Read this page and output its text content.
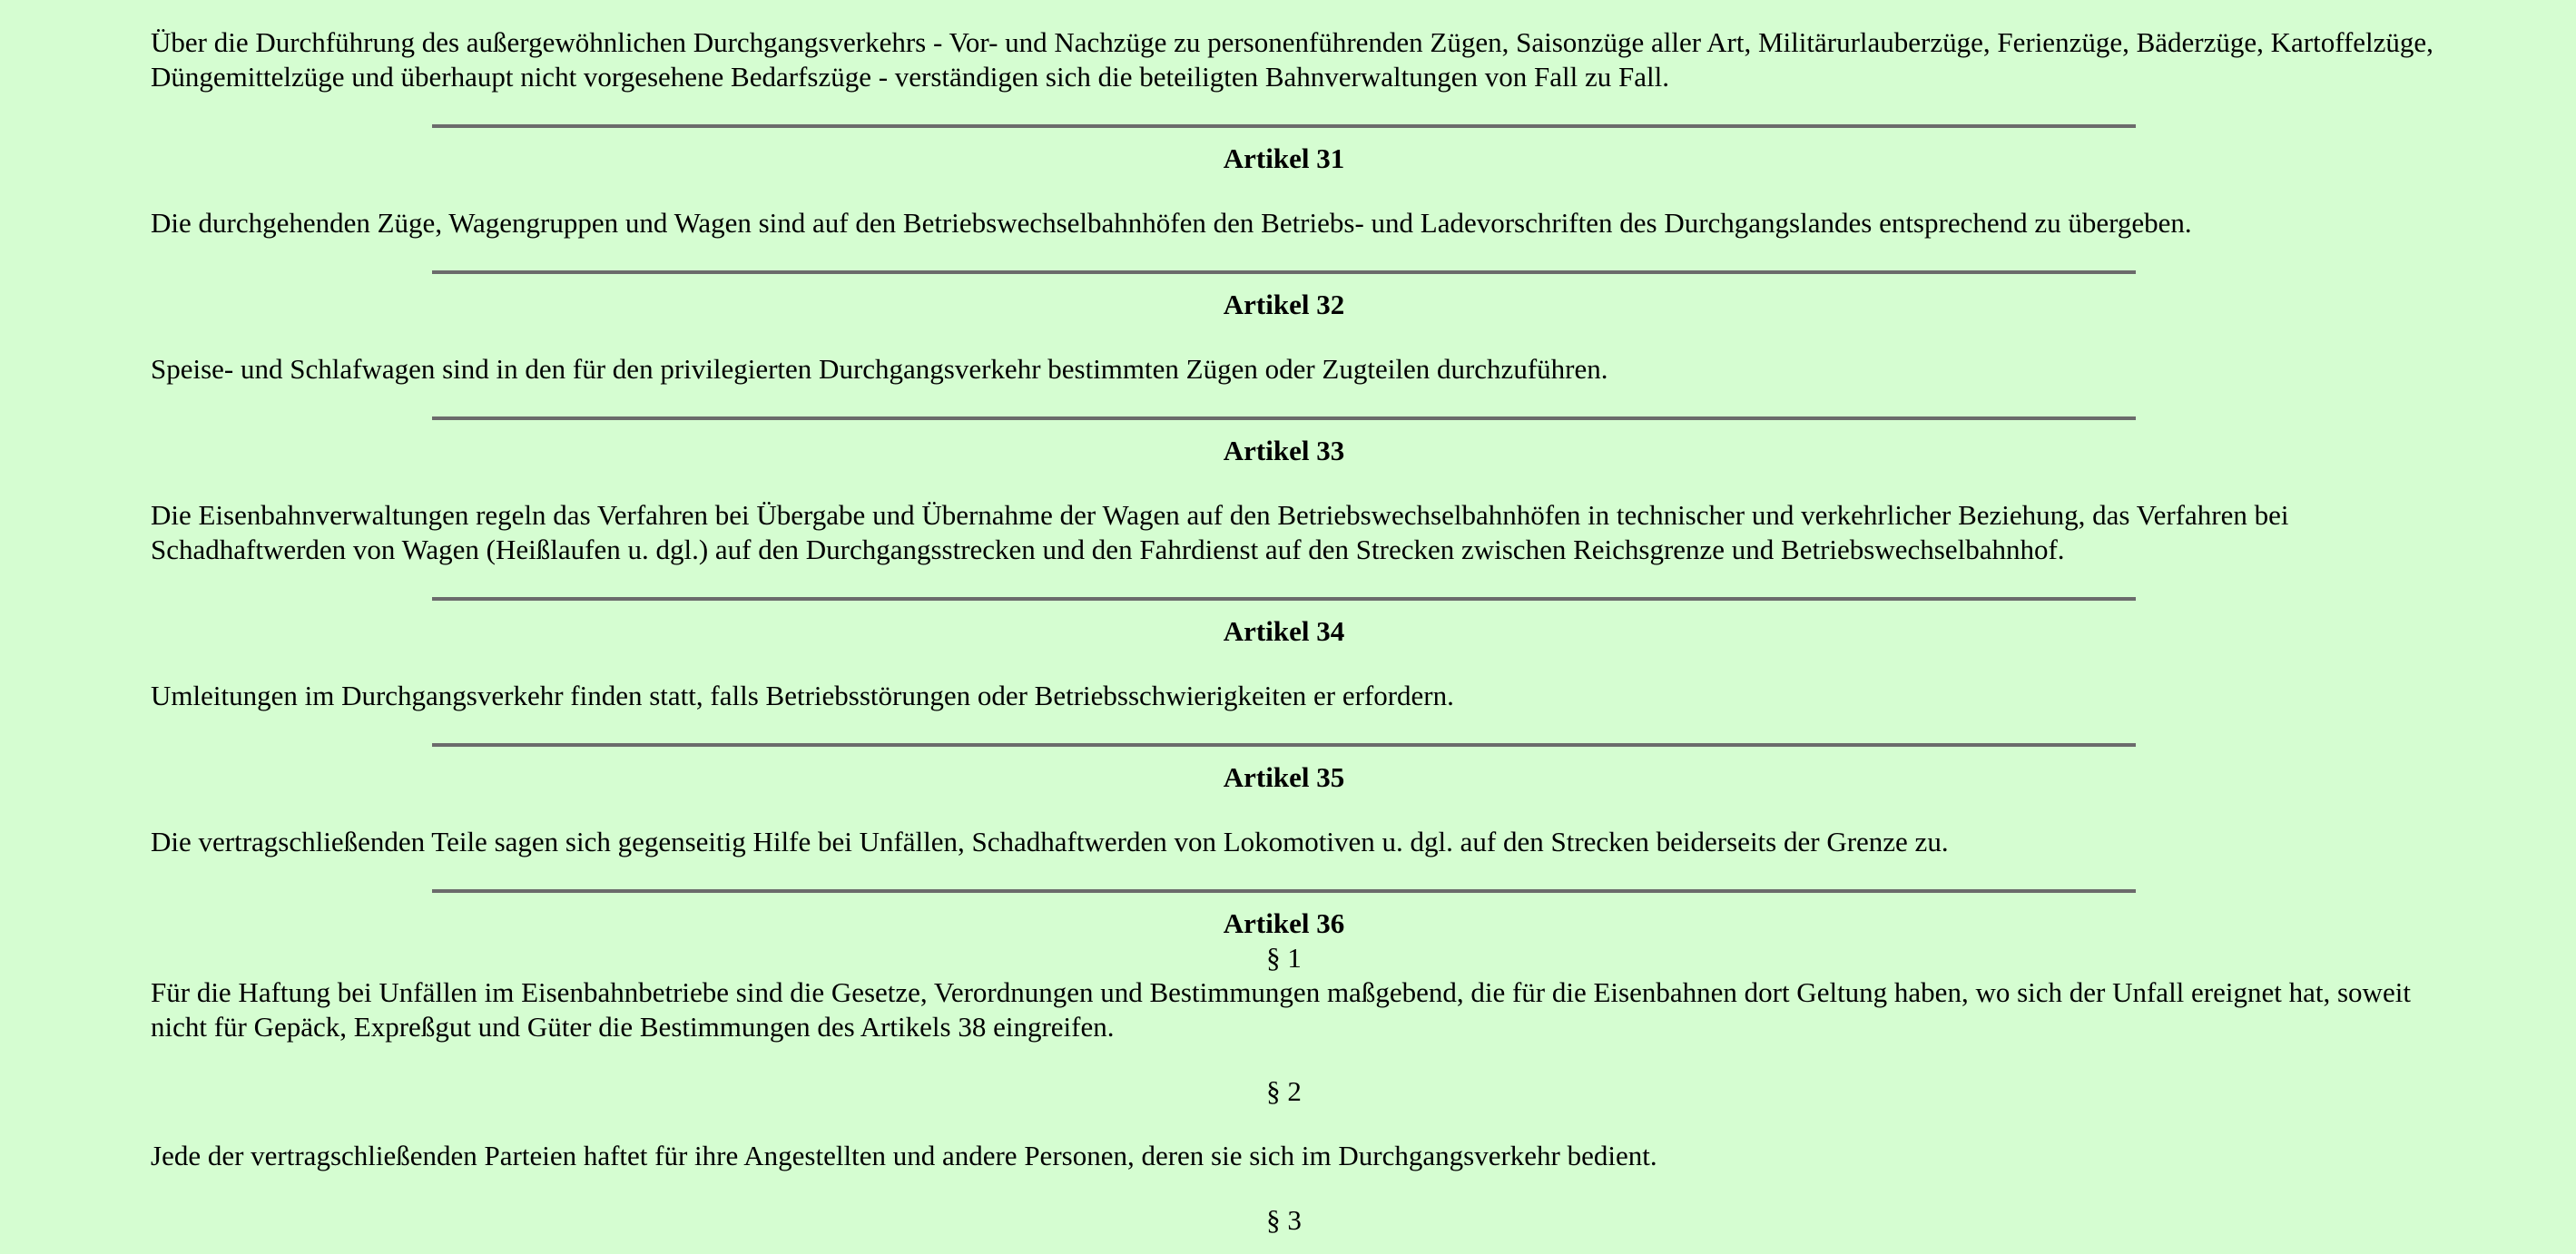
Über die Durchführung des außergewöhnlichen Durchgangsverkehrs - Vor- und Nachzüge zu personenführenden Zügen, Saisonzüge aller Art, Militärurlauberzüge, Ferienzüge, Bäderzüge, Kartoffelzüge, Düngemittelzüge und überhaupt nicht vorgesehene Bedarfszüge - verständigen sich die beteiligten Bahnverwaltungen von Fall zu Fall.

Artikel 31

Die durchgehenden Züge, Wagengruppen und Wagen sind auf den Betriebswechselbahnhöfen den Betriebs- und Ladevorschriften des Durchgangslandes entsprechend zu übergeben.

Artikel 32

Speise- und Schlafwagen sind in den für den privilegierten Durchgangsverkehr bestimmten Zügen oder Zugteilen durchzuführen.

Artikel 33

Die Eisenbahnverwaltungen regeln das Verfahren bei Übergabe und Übernahme der Wagen auf den Betriebswechselbahnhöfen in technischer und verkehrlicher Beziehung, das Verfahren bei Schadhaftwerden von Wagen (Heißlaufen u. dgl.) auf den Durchgangsstrecken und den Fahrdienst auf den Strecken zwischen Reichsgrenze und Betriebswechselbahnhof.

Artikel 34

Umleitungen im Durchgangsverkehr finden statt, falls Betriebsstörungen oder Betriebsschwierigkeiten er erfordern.

Artikel 35

Die vertragschließenden Teile sagen sich gegenseitig Hilfe bei Unfällen, Schadhaftwerden von Lokomotiven u. dgl. auf den Strecken beiderseits der Grenze zu.

Artikel 36
§ 1

Für die Haftung bei Unfällen im Eisenbahnbetriebe sind die Gesetze, Verordnungen und Bestimmungen maßgebend, die für die Eisenbahnen dort Geltung haben, wo sich der Unfall ereignet hat, soweit nicht für Gepäck, Expreßgut und Güter die Bestimmungen des Artikels 38 eingreifen.

§ 2

Jede der vertragschließenden Parteien haftet für ihre Angestellten und andere Personen, deren sie sich im Durchgangsverkehr bedient.

§ 3
